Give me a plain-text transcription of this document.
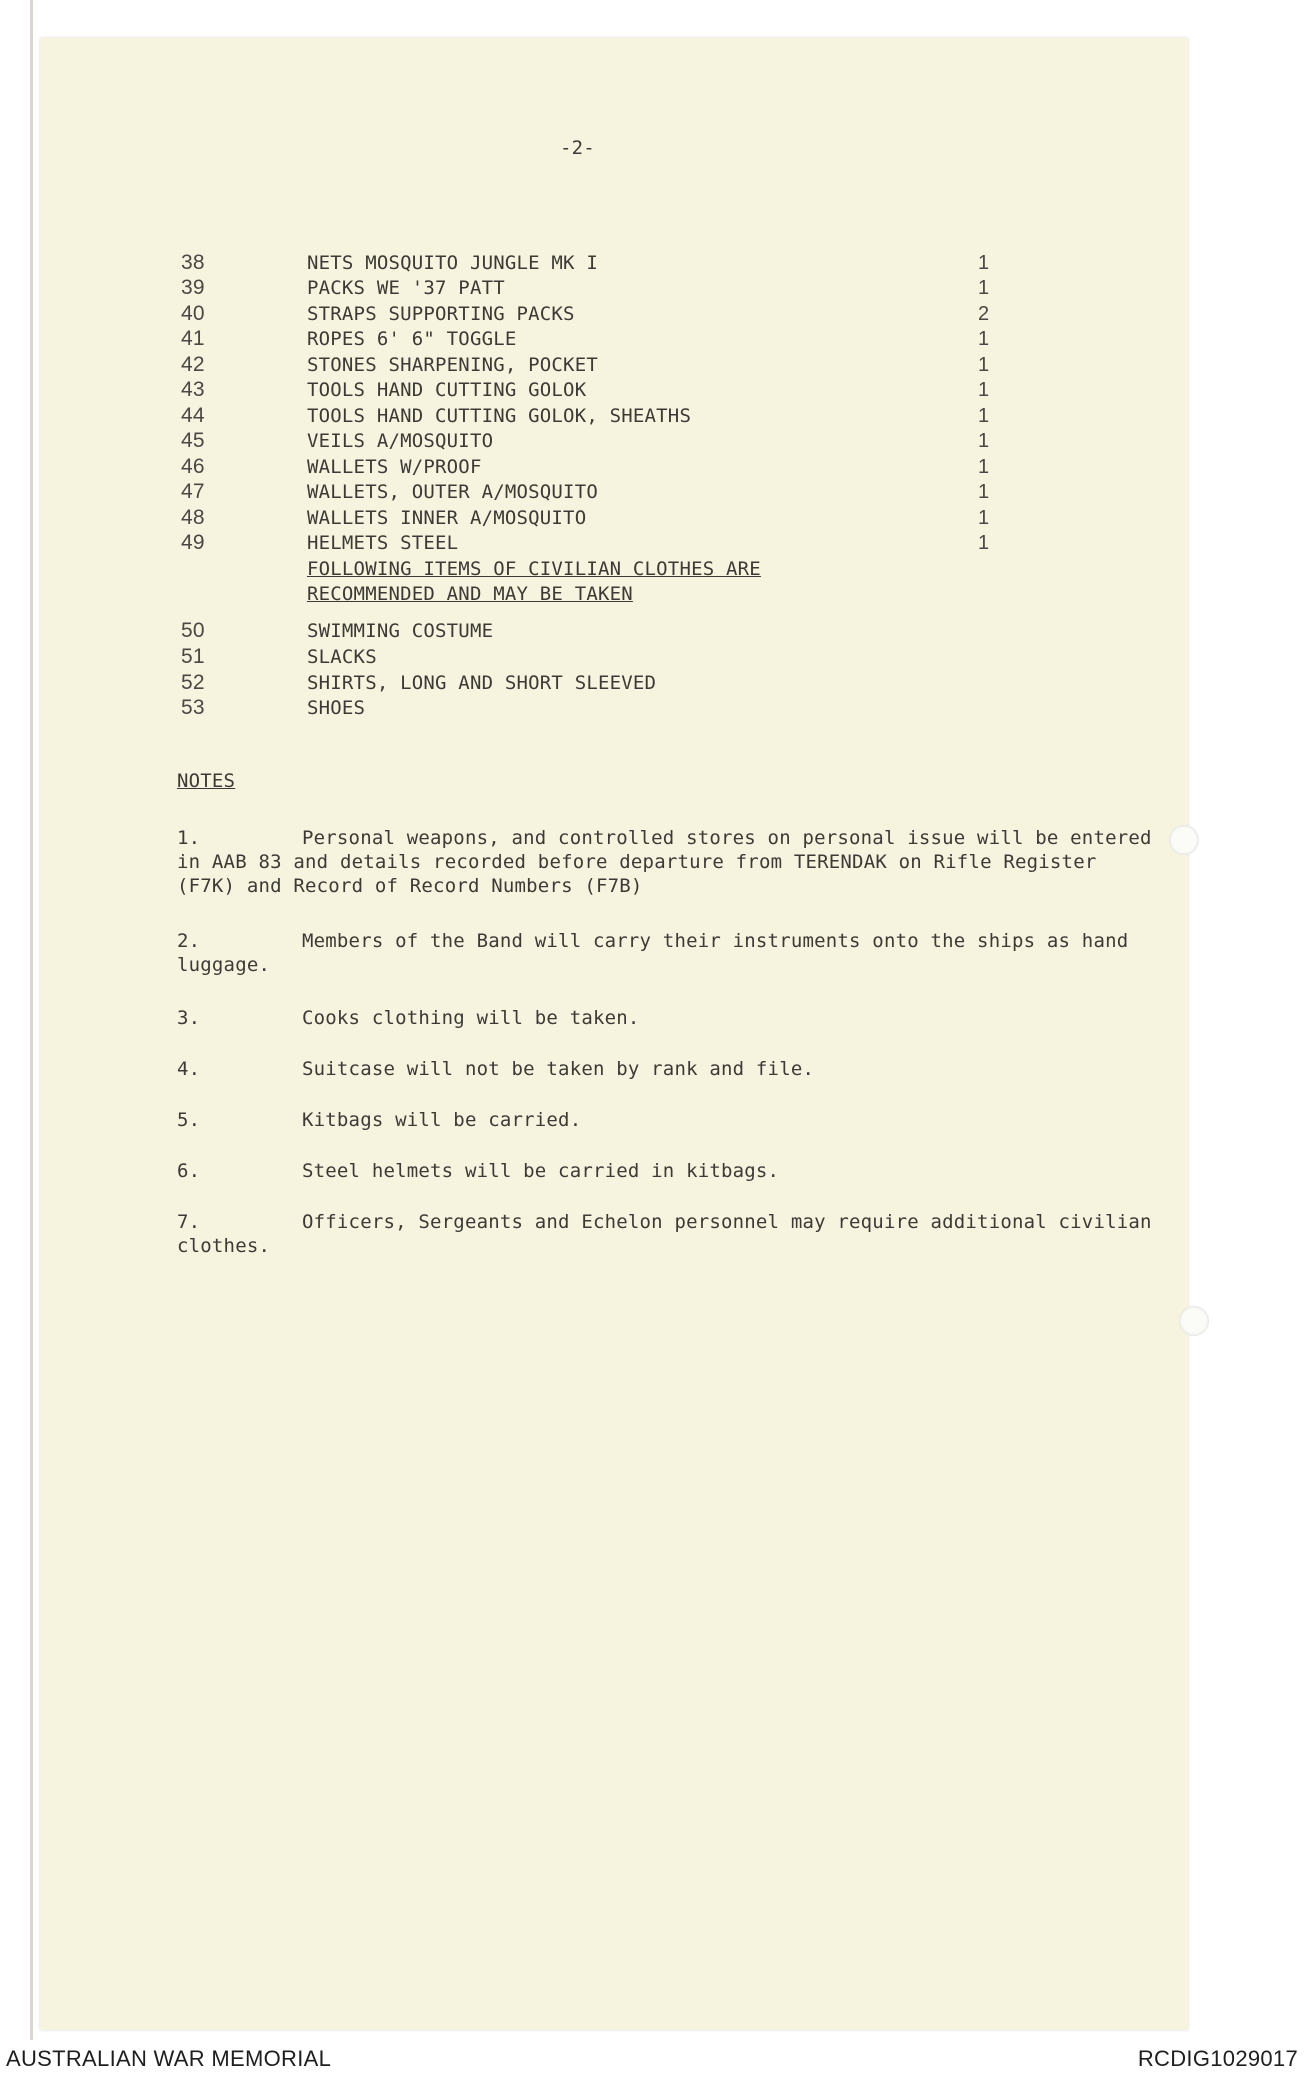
-2-
38	NETS MOSQUITO JUNGLE MK I	1
39	PACKS WE '37 PATT	1
40	STRAPS SUPPORTING PACKS	2
41	ROPES 6' 6" TOGGLE	1
42	STONES SHARPENING, POCKET	1
43	TOOLS HAND CUTTING GOLOK	1
44	TOOLS HAND CUTTING GOLOK, SHEATHS	1
45	VEILS A/MOSQUITO	1
46	WALLETS W/PROOF	1
47	WALLETS, OUTER A/MOSQUITO	1
48	WALLETS INNER A/MOSQUITO	1
49	HELMETS STEEL	1
FOLLOWING ITEMS OF CIVILIAN CLOTHES ARE
RECOMMENDED AND MAY BE TAKEN
50	SWIMMING COSTUME
51	SLACKS
52	SHIRTS, LONG AND SHORT SLEEVED
53	SHOES
NOTES
1.	Personal weapons, and controlled stores on personal issue will be entered in AAB 83 and details recorded before departure from TERENDAK on Rifle Register (F7K) and Record of Record Numbers (F7B)
2.	Members of the Band will carry their instruments onto the ships as hand luggage.
3.	Cooks clothing will be taken.
4.	Suitcase will not be taken by rank and file.
5.	Kitbags will be carried.
6.	Steel helmets will be carried in kitbags.
7.	Officers, Sergeants and Echelon personnel may require additional civilian clothes.
AUSTRALIAN WAR MEMORIAL	RCDIG1029017
